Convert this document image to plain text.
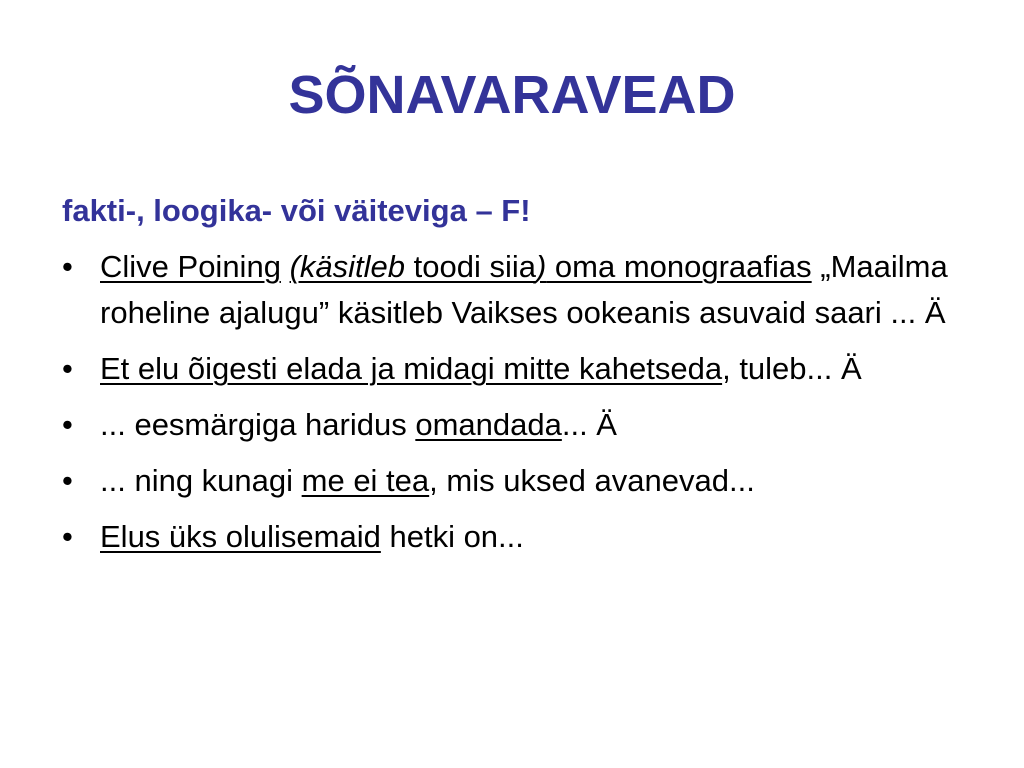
SÕNAVARAVEAD

fakti-, loogika- või väiteviga – F!

• Clive Poining (käsitleb toodi siia) oma monograafias „Maailma roheline ajalugu” käsitleb Vaikses ookeanis asuvaid saari ... Ä
• Et elu õigesti elada ja midagi mitte kahetseda, tuleb... Ä
• ... eesmärgiga haridus omandada... Ä
• ... ning kunagi me ei tea, mis uksed avanevad...
• Elus üks olulisemaid hetki on...
